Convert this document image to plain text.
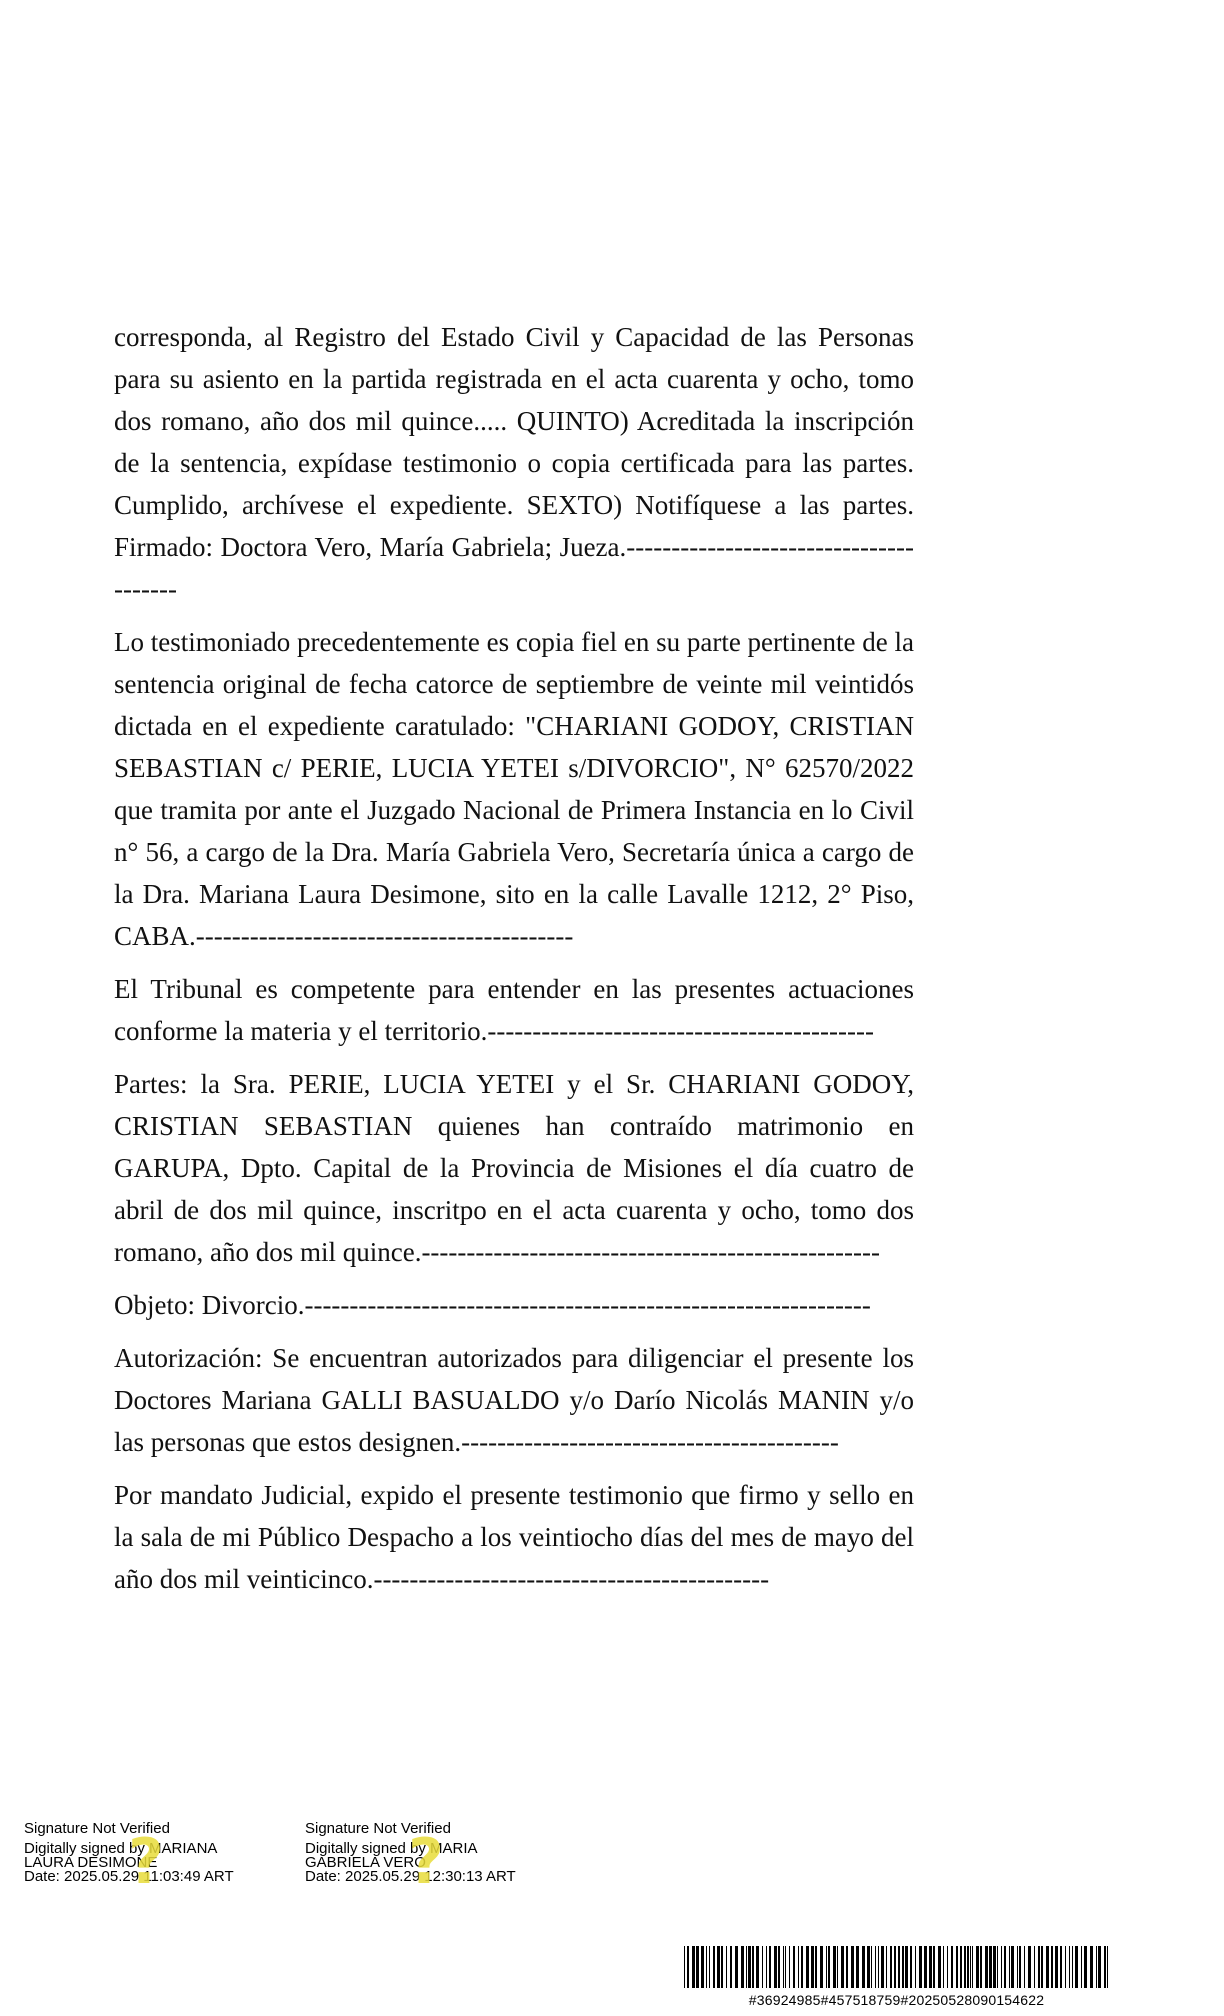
corresponda, al Registro del Estado Civil y Capacidad de las Personas para su asiento en la partida registrada en el acta cuarenta y ocho, tomo dos romano, año dos mil quince..... QUINTO) Acreditada la inscripción de la sentencia, expídase testimonio o copia certificada para las partes. Cumplido, archívese el expediente. SEXTO) Notifíquese a las partes. Firmado: Doctora Vero, María Gabriela; Jueza.---------------------------------------

Lo testimoniado precedentemente es copia fiel en su parte pertinente de la sentencia original de fecha catorce de septiembre de veinte mil veintidós dictada en el expediente caratulado: "CHARIANI GODOY, CRISTIAN SEBASTIAN c/ PERIE, LUCIA YETEI s/DIVORCIO", N° 62570/2022 que tramita por ante el Juzgado Nacional de Primera Instancia en lo Civil n° 56, a cargo de la Dra. María Gabriela Vero, Secretaría única a cargo de la Dra. Mariana Laura Desimone, sito en la calle Lavalle 1212, 2° Piso, CABA.------------------------------------------

El Tribunal es competente para entender en las presentes actuaciones conforme la materia y el territorio.-------------------------------------------

Partes: la Sra. PERIE, LUCIA YETEI y el Sr. CHARIANI GODOY, CRISTIAN SEBASTIAN quienes han contraído matrimonio en GARUPA, Dpto. Capital de la Provincia de Misiones el día cuatro de abril de dos mil quince, inscritpo en el acta cuarenta y ocho, tomo dos romano, año dos mil quince.---------------------------------------------------

Objeto: Divorcio.---------------------------------------------------------------

Autorización: Se encuentran autorizados para diligenciar el presente los Doctores Mariana GALLI BASUALDO y/o Darío Nicolás MANIN y/o las personas que estos designen.------------------------------------------

Por mandato Judicial, expido el presente testimonio que firmo y sello en la sala de mi Público Despacho a los veintiocho días del mes de mayo del año dos mil veinticinco.--------------------------------------------

Signature Not Verified
Digitally signed by MARIANA
LAURA DESIMONE
Date: 2025.05.29 11:03:49 ART
?	Signature Not Verified
Digitally signed by MARIA
GABRIELA VERO
Date: 2025.05.29 12:30:13 ART
?
#36924985#457518759#20250528090154622
